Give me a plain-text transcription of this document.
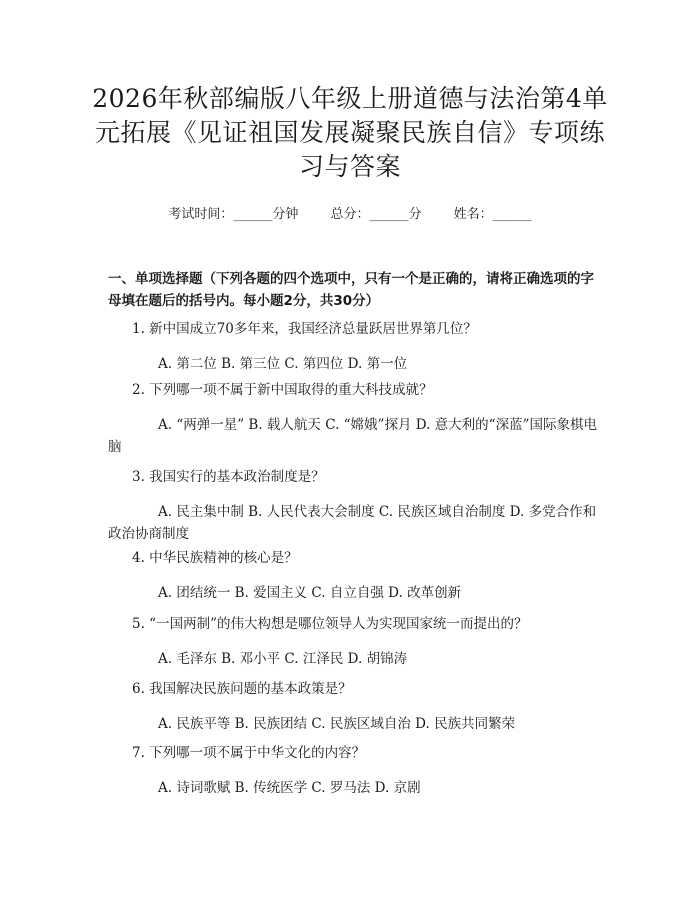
2026年秋部编版八年级上册道德与法治第4单元拓展《见证祖国发展凝聚民族自信》专项练习与答案
考试时间：______分钟 总分：______分 姓名：______
一、单项选择题（下列各题的四个选项中，只有一个是正确的，请将正确选项的字母填在题后的括号内。每小题2分，共30分）
1. 新中国成立70多年来，我国经济总量跃居世界第几位？
A. 第二位 B. 第三位 C. 第四位 D. 第一位
2. 下列哪一项不属于新中国取得的重大科技成就？
A. “两弹一星” B. 载人航天 C. “嫦娥”探月 D. 意大利的“深蓝”国际象棋电脑
3. 我国实行的基本政治制度是？
A. 民主集中制 B. 人民代表大会制度 C. 民族区域自治制度 D. 多党合作和政治协商制度
4. 中华民族精神的核心是？
A. 团结统一 B. 爱国主义 C. 自立自强 D. 改革创新
5. “一国两制”的伟大构想是哪位领导人为实现国家统一而提出的？
A. 毛泽东 B. 邓小平 C. 江泽民 D. 胡锦涛
6. 我国解决民族问题的基本政策是？
A. 民族平等 B. 民族团结 C. 民族区域自治 D. 民族共同繁荣
7. 下列哪一项不属于中华文化的内容？
A. 诗词歌赋 B. 传统医学 C. 罗马法 D. 京剧
